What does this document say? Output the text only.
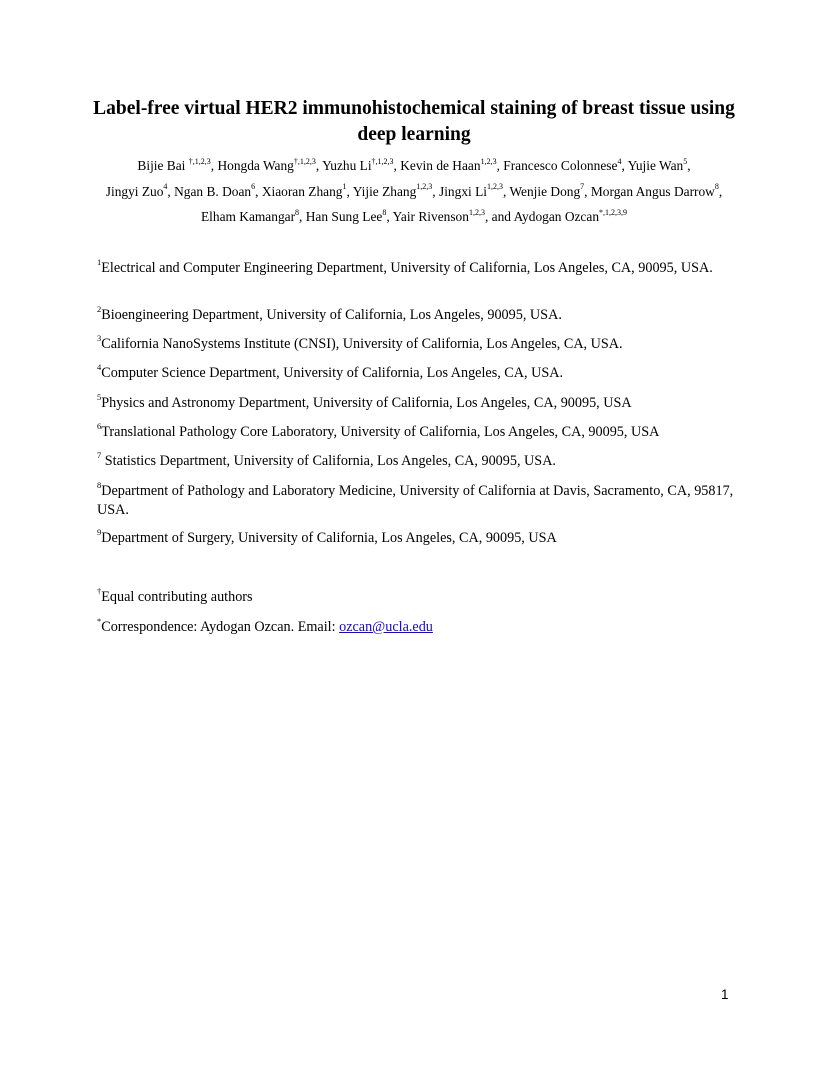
Label-free virtual HER2 immunohistochemical staining of breast tissue using deep learning
Bijie Bai $^{\dagger,1,2,3}$, Hongda Wang$^{\dagger,1,2,3}$, Yuzhu $Li^{\dagger,1,2,3}$, Kevin de Haan$^{1,2,3}$, Francesco Colonnese$^4$, Yujie Wan$^5$,
Jingyi Zuo$^4$, Ngan B. Doan$^6$, Xiaoran Zhang$^1$, Yijie Zhang$^{1,2,3}$, Jingxi Li$^{1,2,3}$, Wenjie Dong$^7$, Morgan Angus Darrow$^8$,
Elham Kamangar$^8$, Han Sung Lee$^8$, Yair Rivenson$^{1,2,3}$, and Aydogan Ozcan$^{*,1,2,3,9}$
$^1$Electrical and Computer Engineering Department, University of California, Los Angeles, CA, 90095, USA.
$^2$Bioengineering Department, University of California, Los Angeles, 90095, USA.
$^3$California NanoSystems Institute (CNSI), University of California, Los Angeles, CA, USA.
$^4$Computer Science Department, University of California, Los Angeles, CA, USA.
$^5$Physics and Astronomy Department, University of California, Los Angeles, CA, 90095, USA
$^6$Translational Pathology Core Laboratory, University of California, Los Angeles, CA, 90095, USA
$^7$ Statistics Department, University of California, Los Angeles, CA, 90095, USA.
$^8$Department of Pathology and Laboratory Medicine, University of California at Davis, Sacramento, CA, 95817, USA.
$^9$Department of Surgery, University of California, Los Angeles, CA, 90095, USA
†Equal contributing authors
*Correspondence: Aydogan Ozcan. Email: ozcan@ucla.edu
1
